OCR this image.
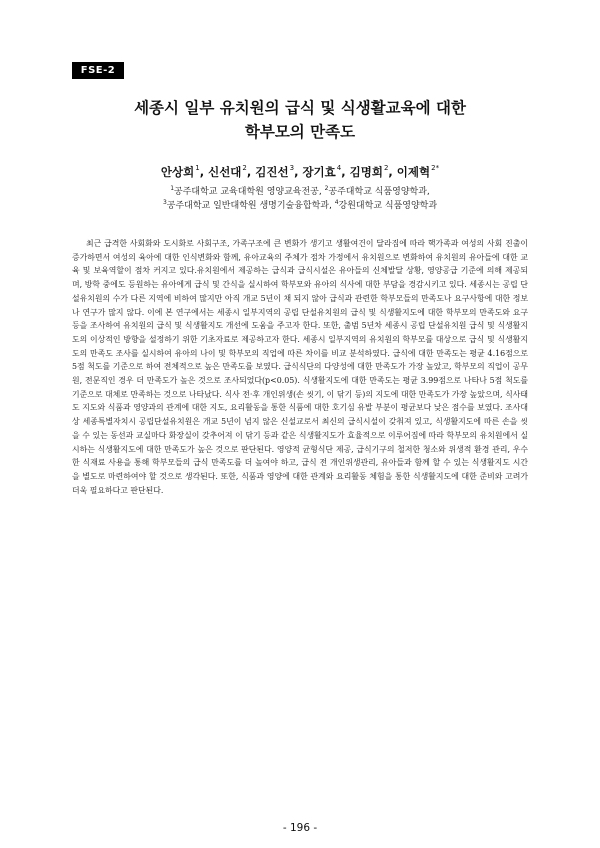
FSE-2
세종시 일부 유치원의 급식 및 식생활교육에 대한
학부모의 만족도
안상희$^1$, 신선대$^2$, 김진선$^3$, 장기효$^4$, 김명희$^2$, 이제혁$^{2*}$
$^1$공주대학교 교육대학원 영양교육전공, $^2$공주대학교 식품영양학과,
$^3$공주대학교 일반대학원 생명기술융합학과, $^4$강원대학교 식품영양학과

최근 급격한 사회화와 도시화로 사회구조, 가족구조에 큰 변화가 생기고 생활여건이 달라짐에 따라 핵가족과 여성의 사회 진출이 증가하면서 여성의 육아에 대한 인식변화와 함께, 유아교육의 주체가 점차 가정에서 유치원으로 변화하여 유치원의 유아들에 대한 교육 및 보육역할이 점차 커지고 있다.유치원에서 제공하는 급식과 급식시설은 유아들의 신체발달 상황, 영양공급 기준에 의해 제공되며, 방학 중에도 등원하는 유아에게 급식 및 간식을 실시하여 학부모와 유아의 식사에 대한 부담을 경감시키고 있다. 세종시는 공립 단설유치원의 수가 다른 지역에 비하여 많지만 아직 개교 5년이 채 되지 않아 급식과 관련한 학부모들의 만족도나 요구사항에 대한 정보나 연구가 많지 않다. 이에 본 연구에서는 세종시 일부지역의 공립 단설유치원의 급식 및 식생활지도에 대한 학부모의 만족도와 요구 등을 조사하여 유치원의 급식 및 식생활지도 개선에 도움을 주고자 한다. 또한, 출범 5년차 세종시 공립 단설유치원 급식 및 식생활지도의 이상적인 방향을 설정하기 위한 기초자료로 제공하고자 한다. 세종시 일부지역의 유치원의 학부모를 대상으로 급식 및 식생활지도의 만족도 조사를 실시하여 유아의 나이 및 학부모의 직업에 따른 차이를 비교 분석하였다. 급식에 대한 만족도는 평균 4.16점으로 5점 척도를 기준으로 하여 전체적으로 높은 만족도를 보였다. 급식식단의 다양성에 대한 만족도가 가장 높았고, 학부모의 직업이 공무원, 전문직인 경우 더 만족도가 높은 것으로 조사되었다(p<0.05). 식생활지도에 대한 만족도는 평균 3.99점으로 나타나 5점 척도를 기준으로 대체로 만족하는 것으로 나타났다. 식사 전·후 개인위생(손 씻기, 이 닦기 등)의 지도에 대한 만족도가 가장 높았으며, 식사태도 지도와 식품과 영양과의 관계에 대한 지도, 요리활동을 통한 식품에 대한 호기심 유발 부분이 평균보다 낮은 점수를 보였다. 조사대상 세종특별자치시 공립단설유치원은 개교 5년이 넘지 않은 신설교로서 최신의 급식시설이 갖춰져 있고, 식생활지도에 따른 손을 씻을 수 있는 동선과 교실마다 화장실이 갖추어져 이 닦기 등과 같은 식생활지도가 효율적으로 이루어짐에 따라 학부모의 유치원에서 실시하는 식생활지도에 대한 만족도가 높은 것으로 판단된다. 영양적 균형식단 제공, 급식기구의 철저한 청소와 위생적 환경 관리, 우수한 식재료 사용을 통해 학부모들의 급식 만족도를 더 높여야 하고, 급식 전 개인위생관리, 유아들과 함께 할 수 있는 식생활지도 시간을 별도로 마련하여야 할 것으로 생각된다. 또한, 식품과 영양에 대한 관계와 요리활동 체험을 통한 식생활지도에 대한 준비와 고려가 더욱 필요하다고 판단된다.

- 196 -
